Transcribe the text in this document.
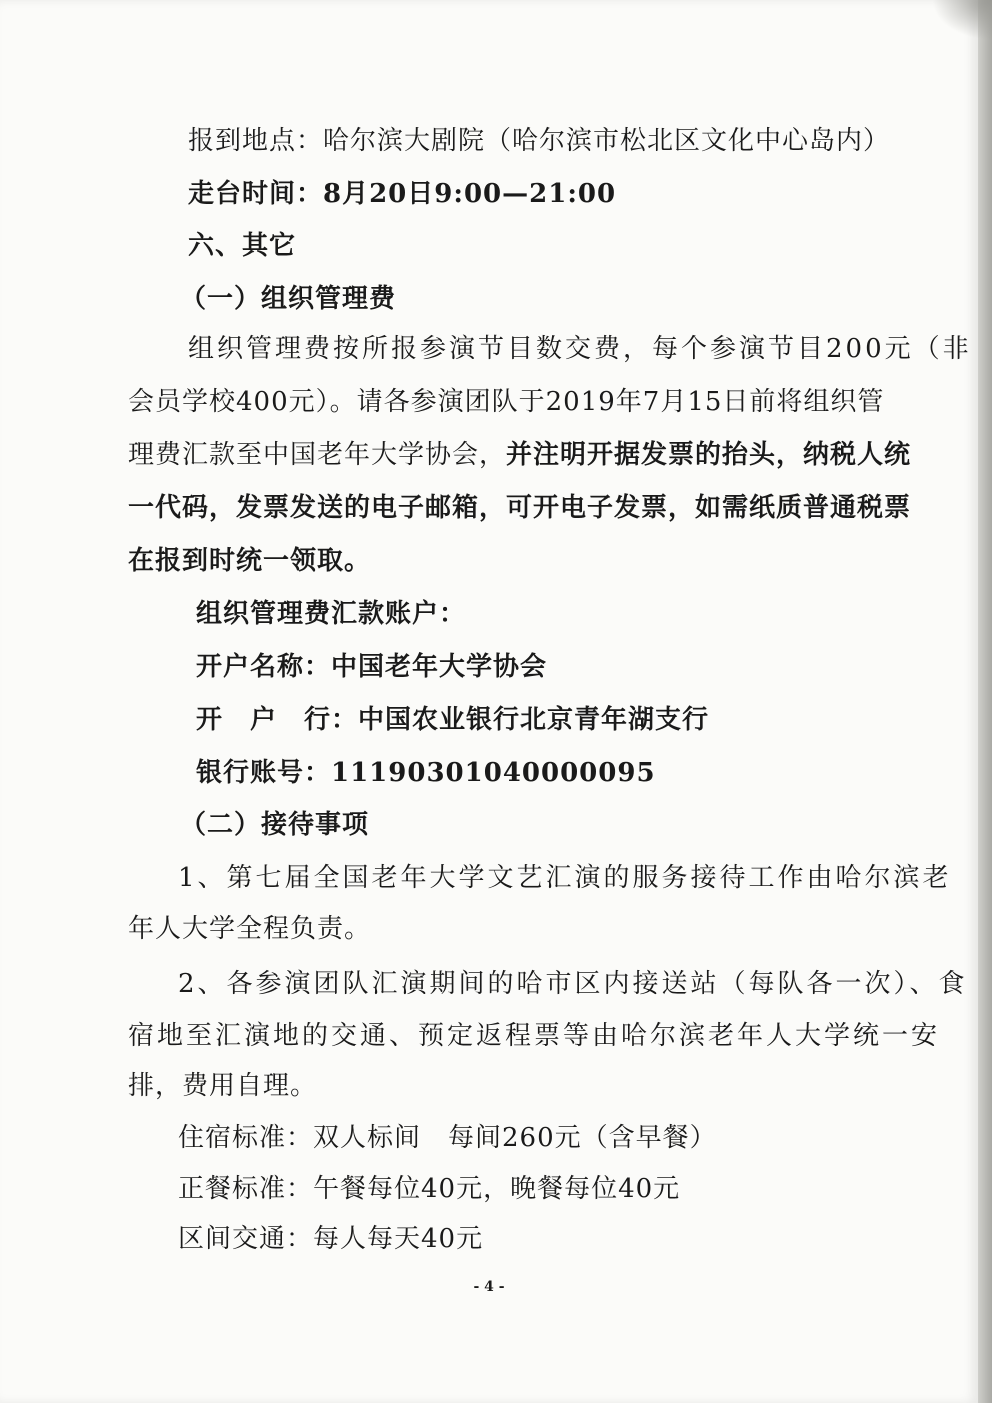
报到地点：哈尔滨大剧院（哈尔滨市松北区文化中心岛内）
走台时间：8月20日9:00—21:00
六、其它
（一）组织管理费
组织管理费按所报参演节目数交费，每个参演节目200元（非
会员学校400元）。请各参演团队于2019年7月15日前将组织管
理费汇款至中国老年大学协会，并注明开据发票的抬头，纳税人统
一代码，发票发送的电子邮箱，可开电子发票，如需纸质普通税票
在报到时统一领取。
组织管理费汇款账户：
开户名称：中国老年大学协会
开　户　行：中国农业银行北京青年湖支行
银行账号：11190301040000095
（二）接待事项
1、第七届全国老年大学文艺汇演的服务接待工作由哈尔滨老
年人大学全程负责。
2、各参演团队汇演期间的哈市区内接送站（每队各一次）、食
宿地至汇演地的交通、预定返程票等由哈尔滨老年人大学统一安
排，费用自理。
住宿标准：双人标间　每间260元（含早餐）
正餐标准：午餐每位40元，晚餐每位40元
区间交通：每人每天40元
- 4 -
